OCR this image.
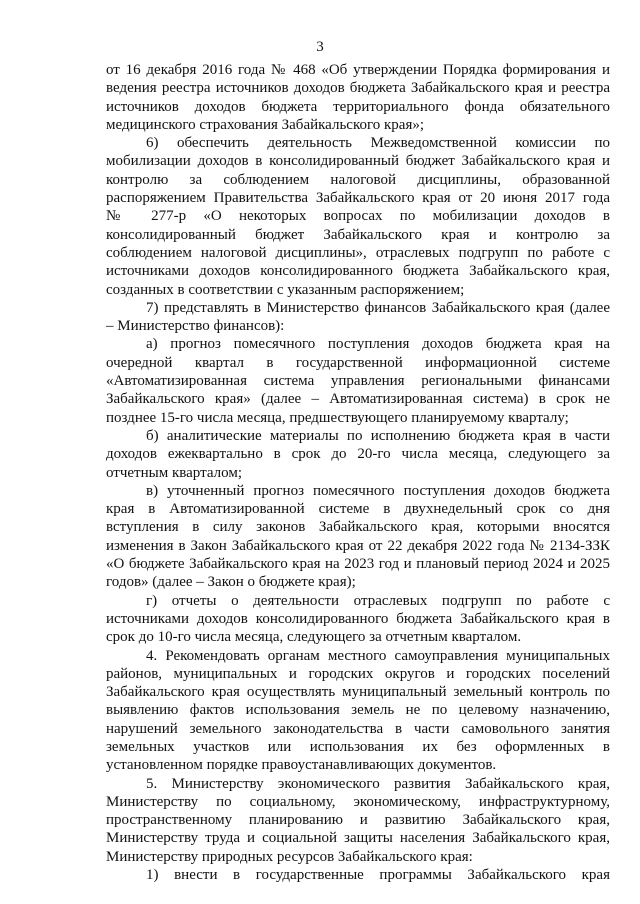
3
от 16 декабря 2016 года № 468 «Об утверждении Порядка формирования и
ведения реестра источников доходов бюджета Забайкальского края и реестра
источников доходов бюджета территориального фонда обязательного
медицинского страхования Забайкальского края»;
6) обеспечить деятельность Межведомственной комиссии по
мобилизации доходов в консолидированный бюджет Забайкальского края и
контролю за соблюдением налоговой дисциплины, образованной
распоряжением Правительства Забайкальского края от 20 июня 2017 года
№ 277-р «О некоторых вопросах по мобилизации доходов в
консолидированный бюджет Забайкальского края и контролю за
соблюдением налоговой дисциплины», отраслевых подгрупп по работе с
источниками доходов консолидированного бюджета Забайкальского края,
созданных в соответствии с указанным распоряжением;
7) представлять в Министерство финансов Забайкальского края (далее
– Министерство финансов):
а) прогноз помесячного поступления доходов бюджета края на
очередной квартал в государственной информационной системе
«Автоматизированная система управления региональными финансами
Забайкальского края» (далее – Автоматизированная система) в срок не
позднее 15-го числа месяца, предшествующего планируемому кварталу;
б) аналитические материалы по исполнению бюджета края в части
доходов ежеквартально в срок до 20-го числа месяца, следующего за
отчетным кварталом;
в) уточненный прогноз помесячного поступления доходов бюджета
края в Автоматизированной системе в двухнедельный срок со дня
вступления в силу законов Забайкальского края, которыми вносятся
изменения в Закон Забайкальского края от 22 декабря 2022 года № 2134-ЗЗК
«О бюджете Забайкальского края на 2023 год и плановый период 2024 и 2025
годов» (далее – Закон о бюджете края);
г) отчеты о деятельности отраслевых подгрупп по работе с
источниками доходов консолидированного бюджета Забайкальского края в
срок до 10-го числа месяца, следующего за отчетным кварталом.
4. Рекомендовать органам местного самоуправления муниципальных
районов, муниципальных и городских округов и городских поселений
Забайкальского края осуществлять муниципальный земельный контроль по
выявлению фактов использования земель не по целевому назначению,
нарушений земельного законодательства в части самовольного занятия
земельных участков или использования их без оформленных в
установленном порядке правоустанавливающих документов.
5. Министерству экономического развития Забайкальского края,
Министерству по социальному, экономическому, инфраструктурному,
пространственному планированию и развитию Забайкальского края,
Министерству труда и социальной защиты населения Забайкальского края,
Министерству природных ресурсов Забайкальского края:
1) внести в государственные программы Забайкальского края
